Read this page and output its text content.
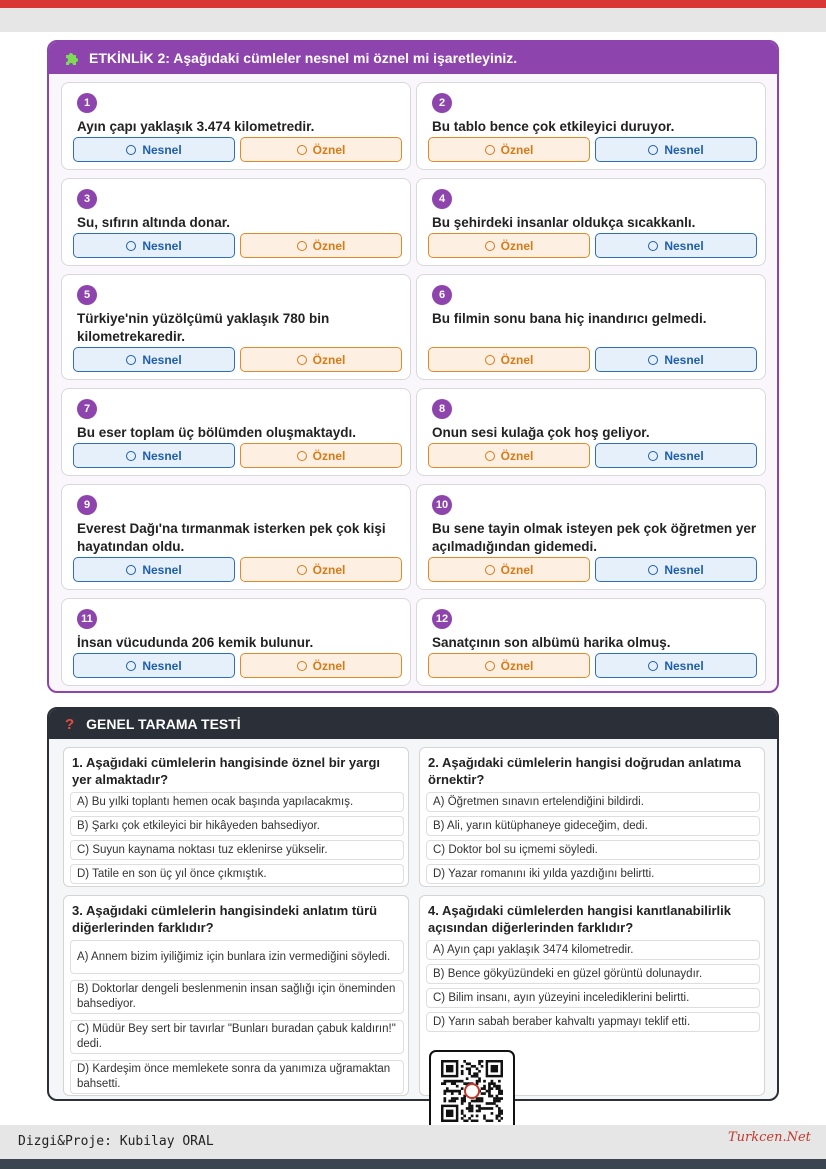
ETKİNLİK 2: Aşağıdaki cümleler nesnel mi öznel mi işaretleyiniz.
1
Ayın çapı yaklaşık 3.474 kilometredir.
Nesnel	Öznel
2
Bu tablo bence çok etkileyici duruyor.
Öznel	Nesnel
3
Su, sıfırın altında donar.
Nesnel	Öznel
4
Bu şehirdeki insanlar oldukça sıcakkanlı.
Öznel	Nesnel
5
Türkiye'nin yüzölçümü yaklaşık 780 bin kilometrekaredir.
Nesnel	Öznel
6
Bu filmin sonu bana hiç inandırıcı gelmedi.
Öznel	Nesnel
7
Bu eser toplam üç bölümden oluşmaktaydı.
Nesnel	Öznel
8
Onun sesi kulağa çok hoş geliyor.
Öznel	Nesnel
9
Everest Dağı'na tırmanmak isterken pek çok kişi hayatından oldu.
Nesnel	Öznel
10
Bu sene tayin olmak isteyen pek çok öğretmen yer açılmadığından gidemedi.
Öznel	Nesnel
11
İnsan vücudunda 206 kemik bulunur.
Nesnel	Öznel
12
Sanatçının son albümü harika olmuş.
Öznel	Nesnel
? GENEL TARAMA TESTİ
1. Aşağıdaki cümlelerin hangisinde öznel bir yargı yer almaktadır?
A) Bu yılki toplantı hemen ocak başında yapılacakmış.
B) Şarkı çok etkileyici bir hikâyeden bahsediyor.
C) Suyun kaynama noktası tuz eklenirse yükselir.
D) Tatile en son üç yıl önce çıkmıştık.
2. Aşağıdaki cümlelerin hangisi doğrudan anlatıma örnektir?
A) Öğretmen sınavın ertelendiğini bildirdi.
B) Ali, yarın kütüphaneye gideceğim, dedi.
C) Doktor bol su içmemi söyledi.
D) Yazar romanını iki yılda yazdığını belirtti.
3. Aşağıdaki cümlelerin hangisindeki anlatım türü diğerlerinden farklıdır?
A) Annem bizim iyiliğimiz için bunlara izin vermediğini söyledi.
B) Doktorlar dengeli beslenmenin insan sağlığı için öneminden bahsediyor.
C) Müdür Bey sert bir tavırlar "Bunları buradan çabuk kaldırın!" dedi.
D) Kardeşim önce memlekete sonra da yanımıza uğramaktan bahsetti.
4. Aşağıdaki cümlelerden hangisi kanıtlanabilirlik açısından diğerlerinden farklıdır?
A) Ayın çapı yaklaşık 3474 kilometredir.
B) Bence gökyüzündeki en güzel görüntü dolunaydır.
C) Bilim insanı, ayın yüzeyini incelediklerini belirtti.
D) Yarın sabah beraber kahvaltı yapmayı teklif etti.
Dizgi&Proje: Kubilay ORAL	Turkcen.Net
